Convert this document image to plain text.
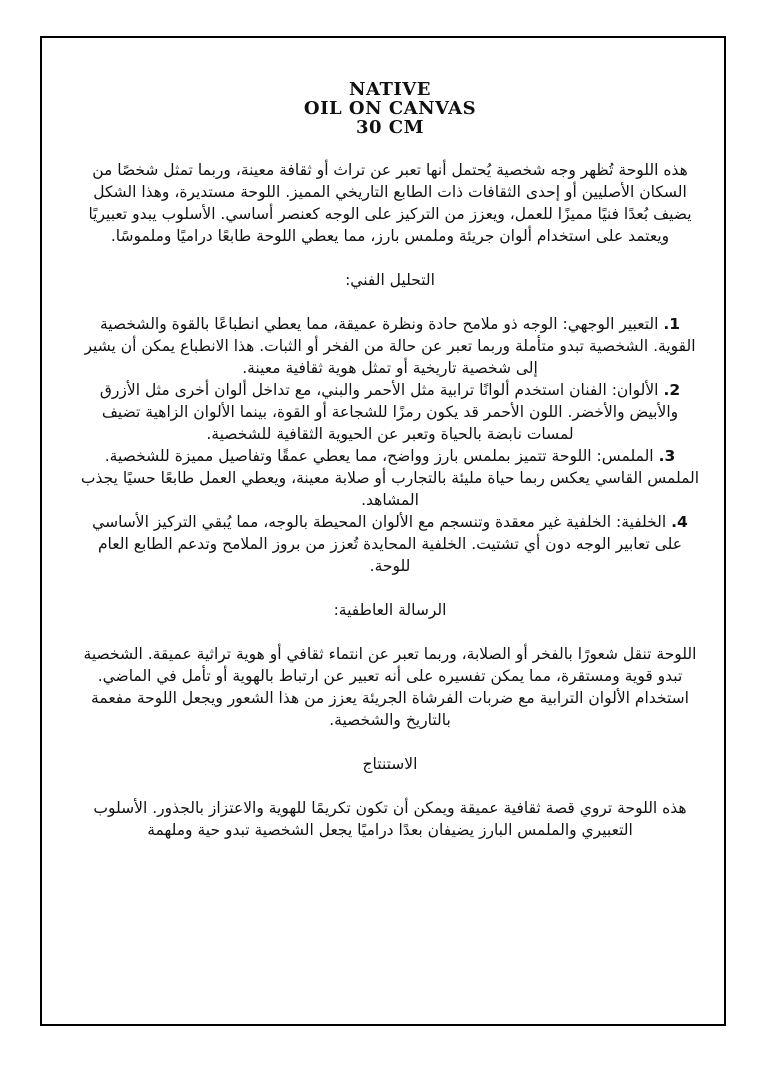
NATIVE
OIL ON CANVAS
30 CM

هذه اللوحة تُظهر وجه شخصية يُحتمل أنها تعبر عن تراث أو ثقافة معينة، وربما تمثل شخصًا من السكان الأصليين أو إحدى الثقافات ذات الطابع التاريخي المميز. اللوحة مستديرة، وهذا الشكل يضيف بُعدًا فنيًا مميزًا للعمل، ويعزز من التركيز على الوجه كعنصر أساسي. الأسلوب يبدو تعبيريًا ويعتمد على استخدام ألوان جريئة وملمس بارز، مما يعطي اللوحة طابعًا دراميًا وملموسًا.

التحليل الفني:

1. التعبير الوجهي: الوجه ذو ملامح حادة ونظرة عميقة، مما يعطي انطباعًا بالقوة والشخصية القوية. الشخصية تبدو متأملة وربما تعبر عن حالة من الفخر أو الثبات. هذا الانطباع يمكن أن يشير إلى شخصية تاريخية أو تمثل هوية ثقافية معينة.

2. الألوان: الفنان استخدم ألوانًا ترابية مثل الأحمر والبني، مع تداخل ألوان أخرى مثل الأزرق والأبيض والأخضر. اللون الأحمر قد يكون رمزًا للشجاعة أو القوة، بينما الألوان الزاهية تضيف لمسات نابضة بالحياة وتعبر عن الحيوية الثقافية للشخصية.

3. الملمس: اللوحة تتميز بملمس بارز وواضح، مما يعطي عمقًا وتفاصيل مميزة للشخصية. الملمس القاسي يعكس ربما حياة مليئة بالتجارب أو صلابة معينة، ويعطي العمل طابعًا حسيًا يجذب المشاهد.

4. الخلفية: الخلفية غير معقدة وتنسجم مع الألوان المحيطة بالوجه، مما يُبقي التركيز الأساسي على تعابير الوجه دون أي تشتيت. الخلفية المحايدة تُعزز من بروز الملامح وتدعم الطابع العام للوحة.

الرسالة العاطفية:

اللوحة تنقل شعورًا بالفخر أو الصلابة، وربما تعبر عن انتماء ثقافي أو هوية تراثية عميقة. الشخصية تبدو قوية ومستقرة، مما يمكن تفسيره على أنه تعبير عن ارتباط بالهوية أو تأمل في الماضي. استخدام الألوان الترابية مع ضربات الفرشاة الجريئة يعزز من هذا الشعور ويجعل اللوحة مفعمة بالتاريخ والشخصية.

الاستنتاج

هذه اللوحة تروي قصة ثقافية عميقة ويمكن أن تكون تكريمًا للهوية والاعتزاز بالجذور. الأسلوب التعبيري والملمس البارز يضيفان بعدًا دراميًا يجعل الشخصية تبدو حية وملهمة
